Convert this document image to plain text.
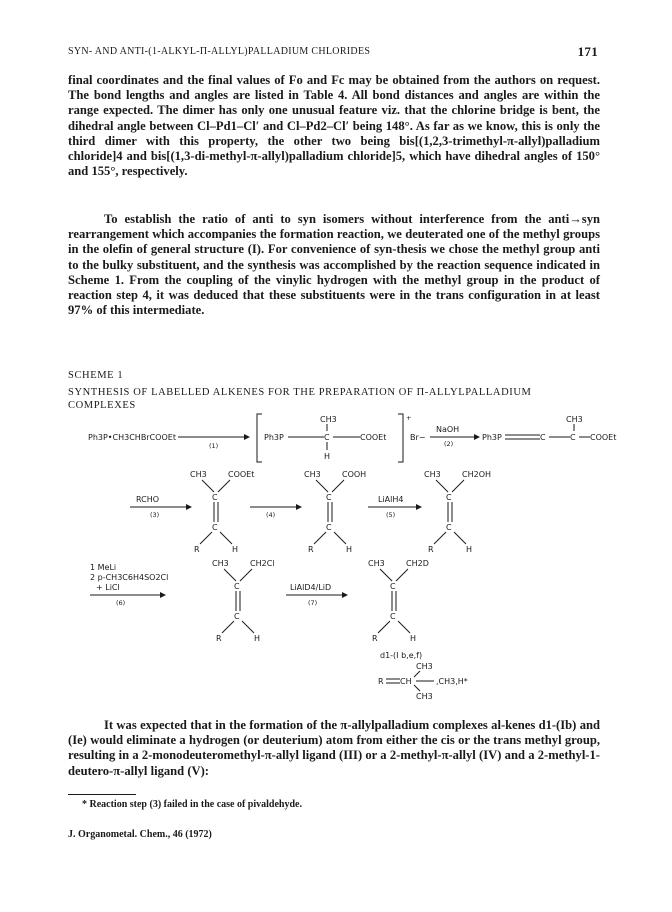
SYN- AND ANTI-(1-ALKYL-Π-ALLYL)PALLADIUM CHLORIDES	171
final coordinates and the final values of Fo and Fc may be obtained from the authors on request. The bond lengths and angles are listed in Table 4. All bond distances and angles are within the range expected. The dimer has only one unusual feature viz. that the chlorine bridge is bent, the dihedral angle between Cl–Pd1–Cl′ and Cl–Pd2–Cl′ being 148°. As far as we know, this is only the third dimer with this property, the other two being bis[(1,2,3-trimethyl-π-allyl)palladium chloride]4 and bis[(1,3-di-methyl-π-allyl)palladium chloride]5, which have dihedral angles of 150° and 155°, respectively.
To establish the ratio of anti to syn isomers without interference from the anti→syn rearrangement which accompanies the formation reaction, we deuterated one of the methyl groups in the olefin of general structure (I). For convenience of syn-thesis we chose the methyl group anti to the bulky substituent, and the synthesis was accomplished by the reaction sequence indicated in Scheme 1. From the coupling of the vinylic hydrogen with the methyl group in the product of reaction step 4, it was deduced that these substituents were in the trans configuration in at least 97% of this intermediate.
SCHEME 1
SYNTHESIS OF LABELLED ALKENES FOR THE PREPARATION OF Π-ALLYLPALLADIUM COMPLEXES
Ph3P•CH3CHBrCOOEt
(1)
+
Ph3P	C	COOEt
CH3
H
Br−
NaOH
(2)
Ph3P	C	C COOEt
CH3
RCHO
(3)
CH3	COOEt
C
C
R	H
(4)
CH3	COOH
C
C
R	H
LiAlH4
(5)
CH3	CH2OH
C
C
R	H
1 MeLi
2 p-CH3C6H4SO2Cl
+ LiCl
(6)
CH3	CH2Cl
C
C
R	H
LiAlD4/LiD
(7)
CH3	CH2D
C
C
R	H
d1-(I b,e,f)
CH3
R CH	,CH3,H*
CH3
It was expected that in the formation of the π-allylpalladium complexes al-kenes d1-(Ib) and (Ie) would eliminate a hydrogen (or deuterium) atom from either the cis or the trans methyl group, resulting in a 2-monodeuteromethyl-π-allyl ligand (III) or a 2-methyl-π-allyl (IV) and a 2-methyl-1-deutero-π-allyl ligand (V):
* Reaction step (3) failed in the case of pivaldehyde.
J. Organometal. Chem., 46 (1972)
